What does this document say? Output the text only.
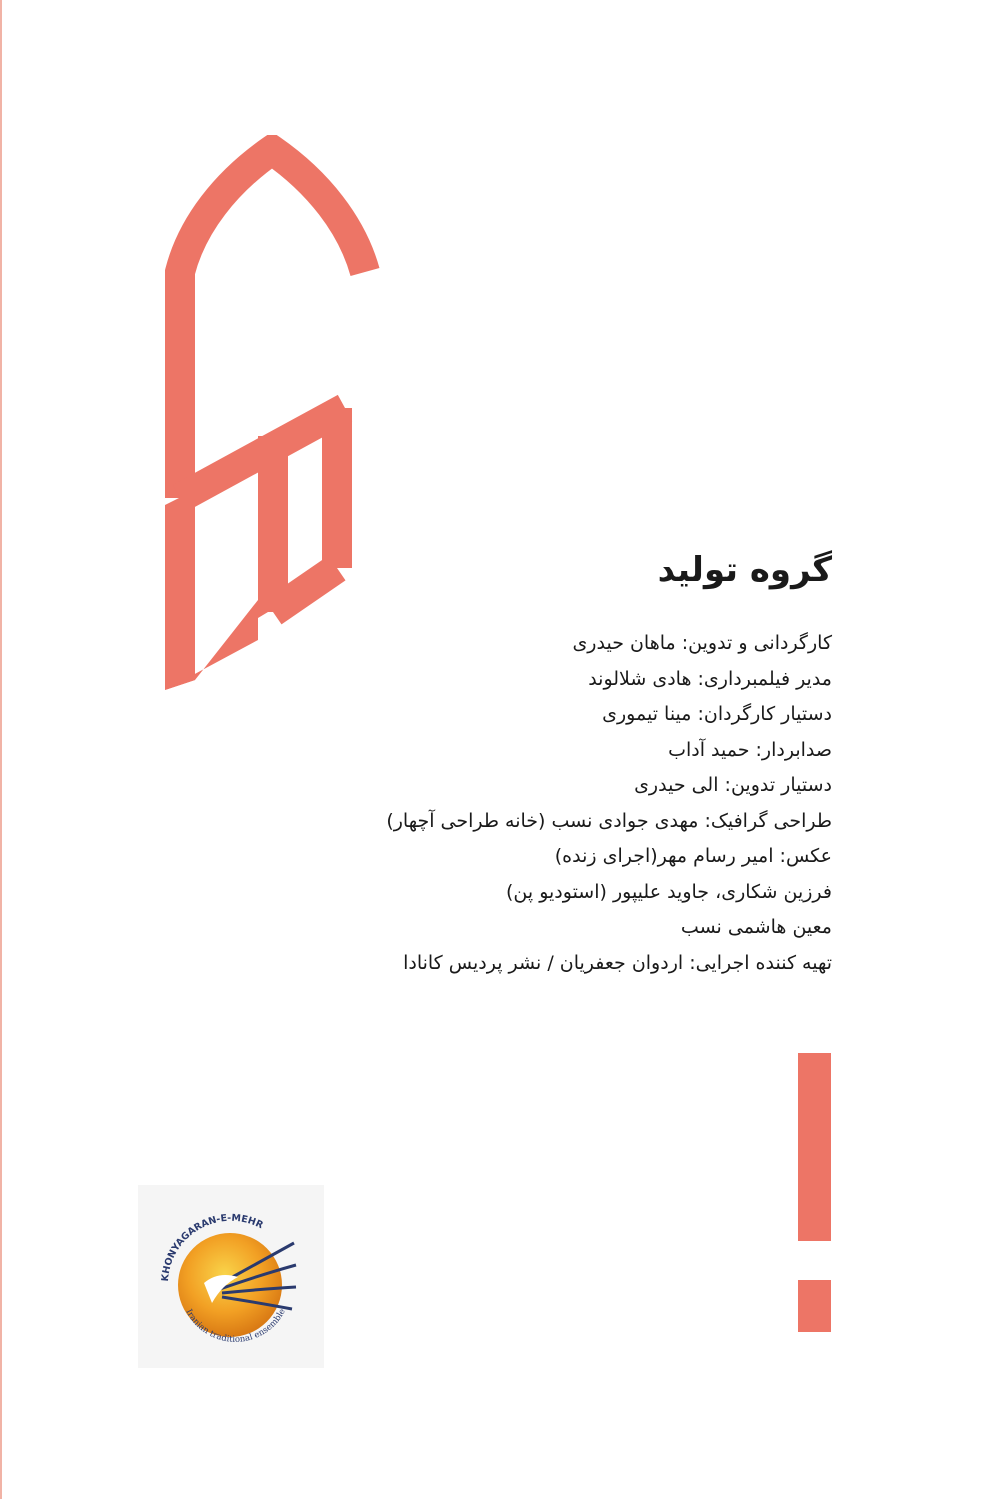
گروه تولید
کارگردانی و تدوین: ماهان حیدری
مدیر فیلمبرداری: هادی شلالوند
دستیار کارگردان: مینا تیموری
صدابردار: حمید آداب
دستیار تدوین: الی حیدری
طراحی گرافیک: مهدی جوادی نسب (خانه طراحی آچهار)
عکس: امیر رسام مهر(اجرای زنده)
فرزین شکاری، جاوید علیپور (استودیو پن)
معین هاشمی نسب
تهیه کننده اجرایی: اردوان جعفریان / نشر پردیس کانادا
KHONYAGARAN-E-MEHR
Iranian traditional ensemble
